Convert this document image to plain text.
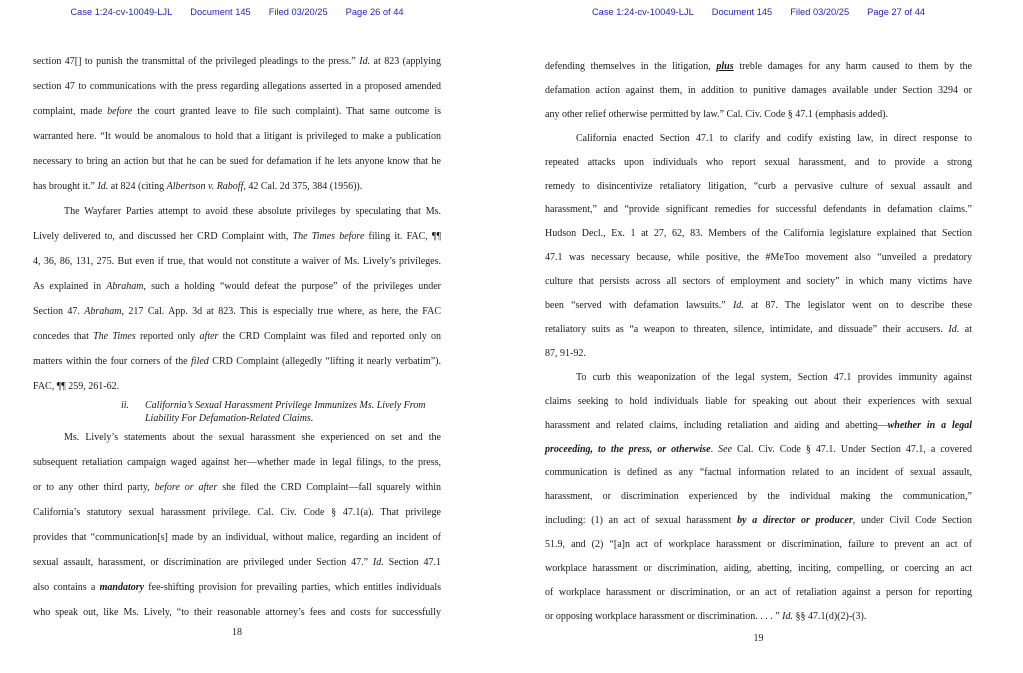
Case 1:24-cv-10049-LJL Document 145 Filed 03/20/25 Page 26 of 44
section 47[] to punish the transmittal of the privileged pleadings to the press.” Id. at 823 (applying
section 47 to communications with the press regarding allegations asserted in a proposed amended
complaint, made before the court granted leave to file such complaint). That same outcome is
warranted here. “It would be anomalous to hold that a litigant is privileged to make a publication
necessary to bring an action but that he can be sued for defamation if he lets anyone know that he
has brought it.” Id. at 824 (citing Albertson v. Raboff, 42 Cal. 2d 375, 384 (1956)).
The Wayfarer Parties attempt to avoid these absolute privileges by speculating that Ms.
Lively delivered to, and discussed her CRD Complaint with, The Times before filing it. FAC, ¶¶
4, 36, 86, 131, 275. But even if true, that would not constitute a waiver of Ms. Lively’s privileges.
As explained in Abraham, such a holding “would defeat the purpose” of the privileges under
Section 47. Abraham, 217 Cal. App. 3d at 823. This is especially true where, as here, the FAC
concedes that The Times reported only after the CRD Complaint was filed and reported only on
matters within the four corners of the filed CRD Complaint (allegedly “lifting it nearly verbatim”).
FAC, ¶¶ 259, 261-62.
ii.	California’s Sexual Harassment Privilege Immunizes Ms. Lively From
Liability For Defamation-Related Claims.
Ms. Lively’s statements about the sexual harassment she experienced on set and the
subsequent retaliation campaign waged against her—whether made in legal filings, to the press,
or to any other third party, before or after she filed the CRD Complaint—fall squarely within
California’s statutory sexual harassment privilege. Cal. Civ. Code § 47.1(a). That privilege
provides that “communication[s] made by an individual, without malice, regarding an incident of
sexual assault, harassment, or discrimination are privileged under Section 47.” Id. Section 47.1
also contains a mandatory fee-shifting provision for prevailing parties, which entitles individuals
who speak out, like Ms. Lively, “to their reasonable attorney’s fees and costs for successfully
18
Case 1:24-cv-10049-LJL Document 145 Filed 03/20/25 Page 27 of 44
defending themselves in the litigation, plus treble damages for any harm caused to them by the
defamation action against them, in addition to punitive damages available under Section 3294 or
any other relief otherwise permitted by law.” Cal. Civ. Code § 47.1 (emphasis added).
California enacted Section 47.1 to clarify and codify existing law, in direct response to
repeated attacks upon individuals who report sexual harassment, and to provide a strong
remedy to disincentivize retaliatory litigation, “curb a pervasive culture of sexual assault and
harassment,” and “provide significant remedies for successful defendants in defamation claims.”
Hudson Decl., Ex. 1 at 27, 62, 83. Members of the California legislature explained that Section
47.1 was necessary because, while positive, the #MeToo movement also “unveiled a predatory
culture that persists across all sectors of employment and society” in which many victims have
been “served with defamation lawsuits.” Id. at 87. The legislator went on to describe these
retaliatory suits as “a weapon to threaten, silence, intimidate, and dissuade” their accusers. Id. at
87, 91-92.
To curb this weaponization of the legal system, Section 47.1 provides immunity against
claims seeking to hold individuals liable for speaking out about their experiences with sexual
harassment and related claims, including retaliation and aiding and abetting—whether in a legal
proceeding, to the press, or otherwise. See Cal. Civ. Code § 47.1. Under Section 47.1, a covered
communication is defined as any “factual information related to an incident of sexual assault,
harassment, or discrimination experienced by the individual making the communication,”
including: (1) an act of sexual harassment by a director or producer, under Civil Code Section
51.9, and (2) “[a]n act of workplace harassment or discrimination, failure to prevent an act of
workplace harassment or discrimination, aiding, abetting, inciting, compelling, or coercing an act
of workplace harassment or discrimination, or an act of retaliation against a person for reporting
or opposing workplace harassment or discrimination. . . . ” Id. §§ 47.1(d)(2)-(3).
19
